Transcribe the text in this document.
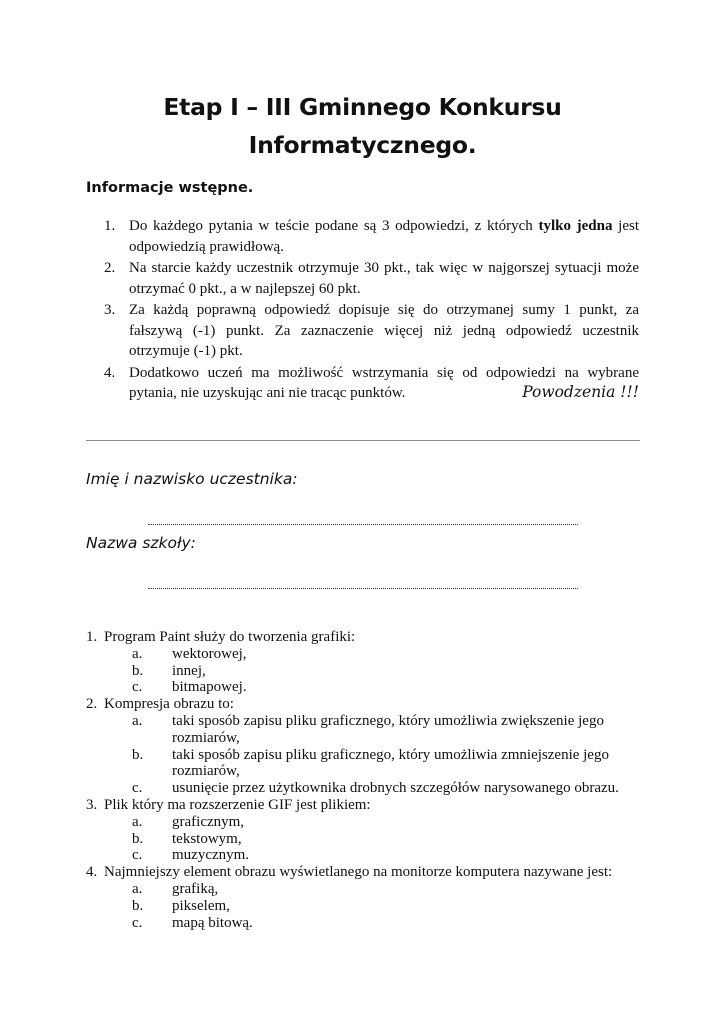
Etap I – III Gminnego Konkursu
Informatycznego.
Informacje wstępne.
1. Do każdego pytania w teście podane są 3 odpowiedzi, z których tylko jedna jest odpowiedzią prawidłową.
2. Na starcie każdy uczestnik otrzymuje 30 pkt., tak więc w najgorszej sytuacji może otrzymać 0 pkt., a w najlepszej 60 pkt.
3. Za każdą poprawną odpowiedź dopisuje się do otrzymanej sumy 1 punkt, za fałszywą (-1) punkt. Za zaznaczenie więcej niż jedną odpowiedź uczestnik otrzymuje (-1) pkt.
4. Dodatkowo uczeń ma możliwość wstrzymania się od odpowiedzi na wybrane pytania, nie uzyskując ani nie tracąc punktów.	Powodzenia !!!
Imię i nazwisko uczestnika:
Nazwa szkoły:
1. Program Paint służy do tworzenia grafiki:
a.	wektorowej,
b.	innej,
c.	bitmapowej.
2. Kompresja obrazu to:
a.	taki sposób zapisu pliku graficznego, który umożliwia zwiększenie jego rozmiarów,
b.	taki sposób zapisu pliku graficznego, który umożliwia zmniejszenie jego rozmiarów,
c.	usunięcie przez użytkownika drobnych szczegółów narysowanego obrazu.
3. Plik który ma rozszerzenie GIF jest plikiem:
a.	graficznym,
b.	tekstowym,
c.	muzycznym.
4. Najmniejszy element obrazu wyświetlanego na monitorze komputera nazywane jest:
a.	grafiką,
b.	pikselem,
c.	mapą bitową.
